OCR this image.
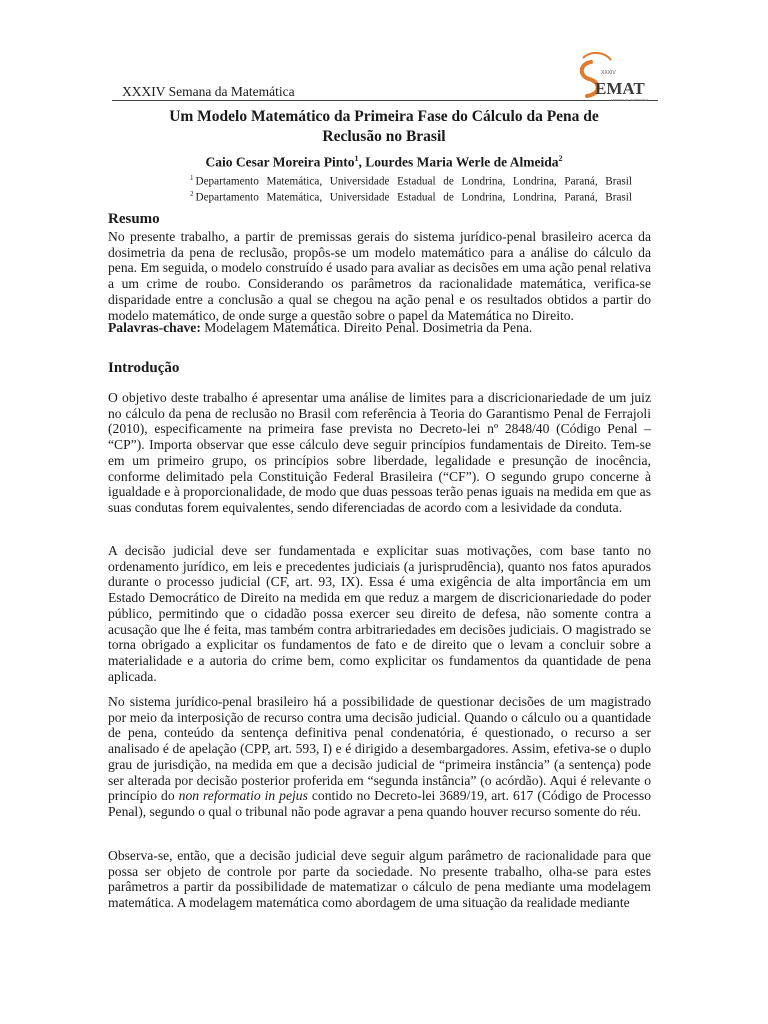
XXXIV Semana da Matemática
XXXIV
EMAT
semana da matemática
Um Modelo Matemático da Primeira Fase do Cálculo da Pena de
Reclusão no Brasil
Caio Cesar Moreira Pinto$^1$, Lourdes Maria Werle de Almeida$^2$
$^1$ Departamento Matemática, Universidade Estadual de Londrina, Londrina, Paraná, Brasil
$^2$ Departamento Matemática, Universidade Estadual de Londrina, Londrina, Paraná, Brasil
Resumo
No presente trabalho, a partir de premissas gerais do sistema jurídico-penal brasileiro acerca da dosimetria da pena de reclusão, propôs-se um modelo matemático para a análise do cálculo da pena. Em seguida, o modelo construído é usado para avaliar as decisões em uma ação penal relativa a um crime de roubo. Considerando os parâmetros da racionalidade matemática, verifica-se disparidade entre a conclusão a qual se chegou na ação penal e os resultados obtidos a partir do modelo matemático, de onde surge a questão sobre o papel da Matemática no Direito.
Palavras-chave: Modelagem Matemática. Direito Penal. Dosimetria da Pena.
Introdução
O objetivo deste trabalho é apresentar uma análise de limites para a discricionariedade de um juiz no cálculo da pena de reclusão no Brasil com referência à Teoria do Garantismo Penal de Ferrajoli (2010), especificamente na primeira fase prevista no Decreto-lei nº 2848/40 (Código Penal – “CP”). Importa observar que esse cálculo deve seguir princípios fundamentais de Direito. Tem-se em um primeiro grupo, os princípios sobre liberdade, legalidade e presunção de inocência, conforme delimitado pela Constituição Federal Brasileira (“CF”). O segundo grupo concerne à igualdade e à proporcionalidade, de modo que duas pessoas terão penas iguais na medida em que as suas condutas forem equivalentes, sendo diferenciadas de acordo com a lesividade da conduta.
A decisão judicial deve ser fundamentada e explicitar suas motivações, com base tanto no ordenamento jurídico, em leis e precedentes judiciais (a jurisprudência), quanto nos fatos apurados durante o processo judicial (CF, art. 93, IX). Essa é uma exigência de alta importância em um Estado Democrático de Direito na medida em que reduz a margem de discricionariedade do poder público, permitindo que o cidadão possa exercer seu direito de defesa, não somente contra a acusação que lhe é feita, mas também contra arbitrariedades em decisões judiciais. O magistrado se torna obrigado a explicitar os fundamentos de fato e de direito que o levam a concluir sobre a materialidade e a autoria do crime bem, como explicitar os fundamentos da quantidade de pena aplicada.
No sistema jurídico-penal brasileiro há a possibilidade de questionar decisões de um magistrado por meio da interposição de recurso contra uma decisão judicial. Quando o cálculo ou a quantidade de pena, conteúdo da sentença definitiva penal condenatória, é questionado, o recurso a ser analisado é de apelação (CPP, art. 593, I) e é dirigido a desembargadores. Assim, efetiva-se o duplo grau de jurisdição, na medida em que a decisão judicial de “primeira instância” (a sentença) pode ser alterada por decisão posterior proferida em “segunda instância” (o acórdão). Aqui é relevante o princípio do non reformatio in pejus contido no Decreto-lei 3689/19, art. 617 (Código de Processo Penal), segundo o qual o tribunal não pode agravar a pena quando houver recurso somente do réu.
Observa-se, então, que a decisão judicial deve seguir algum parâmetro de racionalidade para que possa ser objeto de controle por parte da sociedade. No presente trabalho, olha-se para estes parâmetros a partir da possibilidade de matematizar o cálculo de pena mediante uma modelagem matemática. A modelagem matemática como abordagem de uma situação da realidade mediante
